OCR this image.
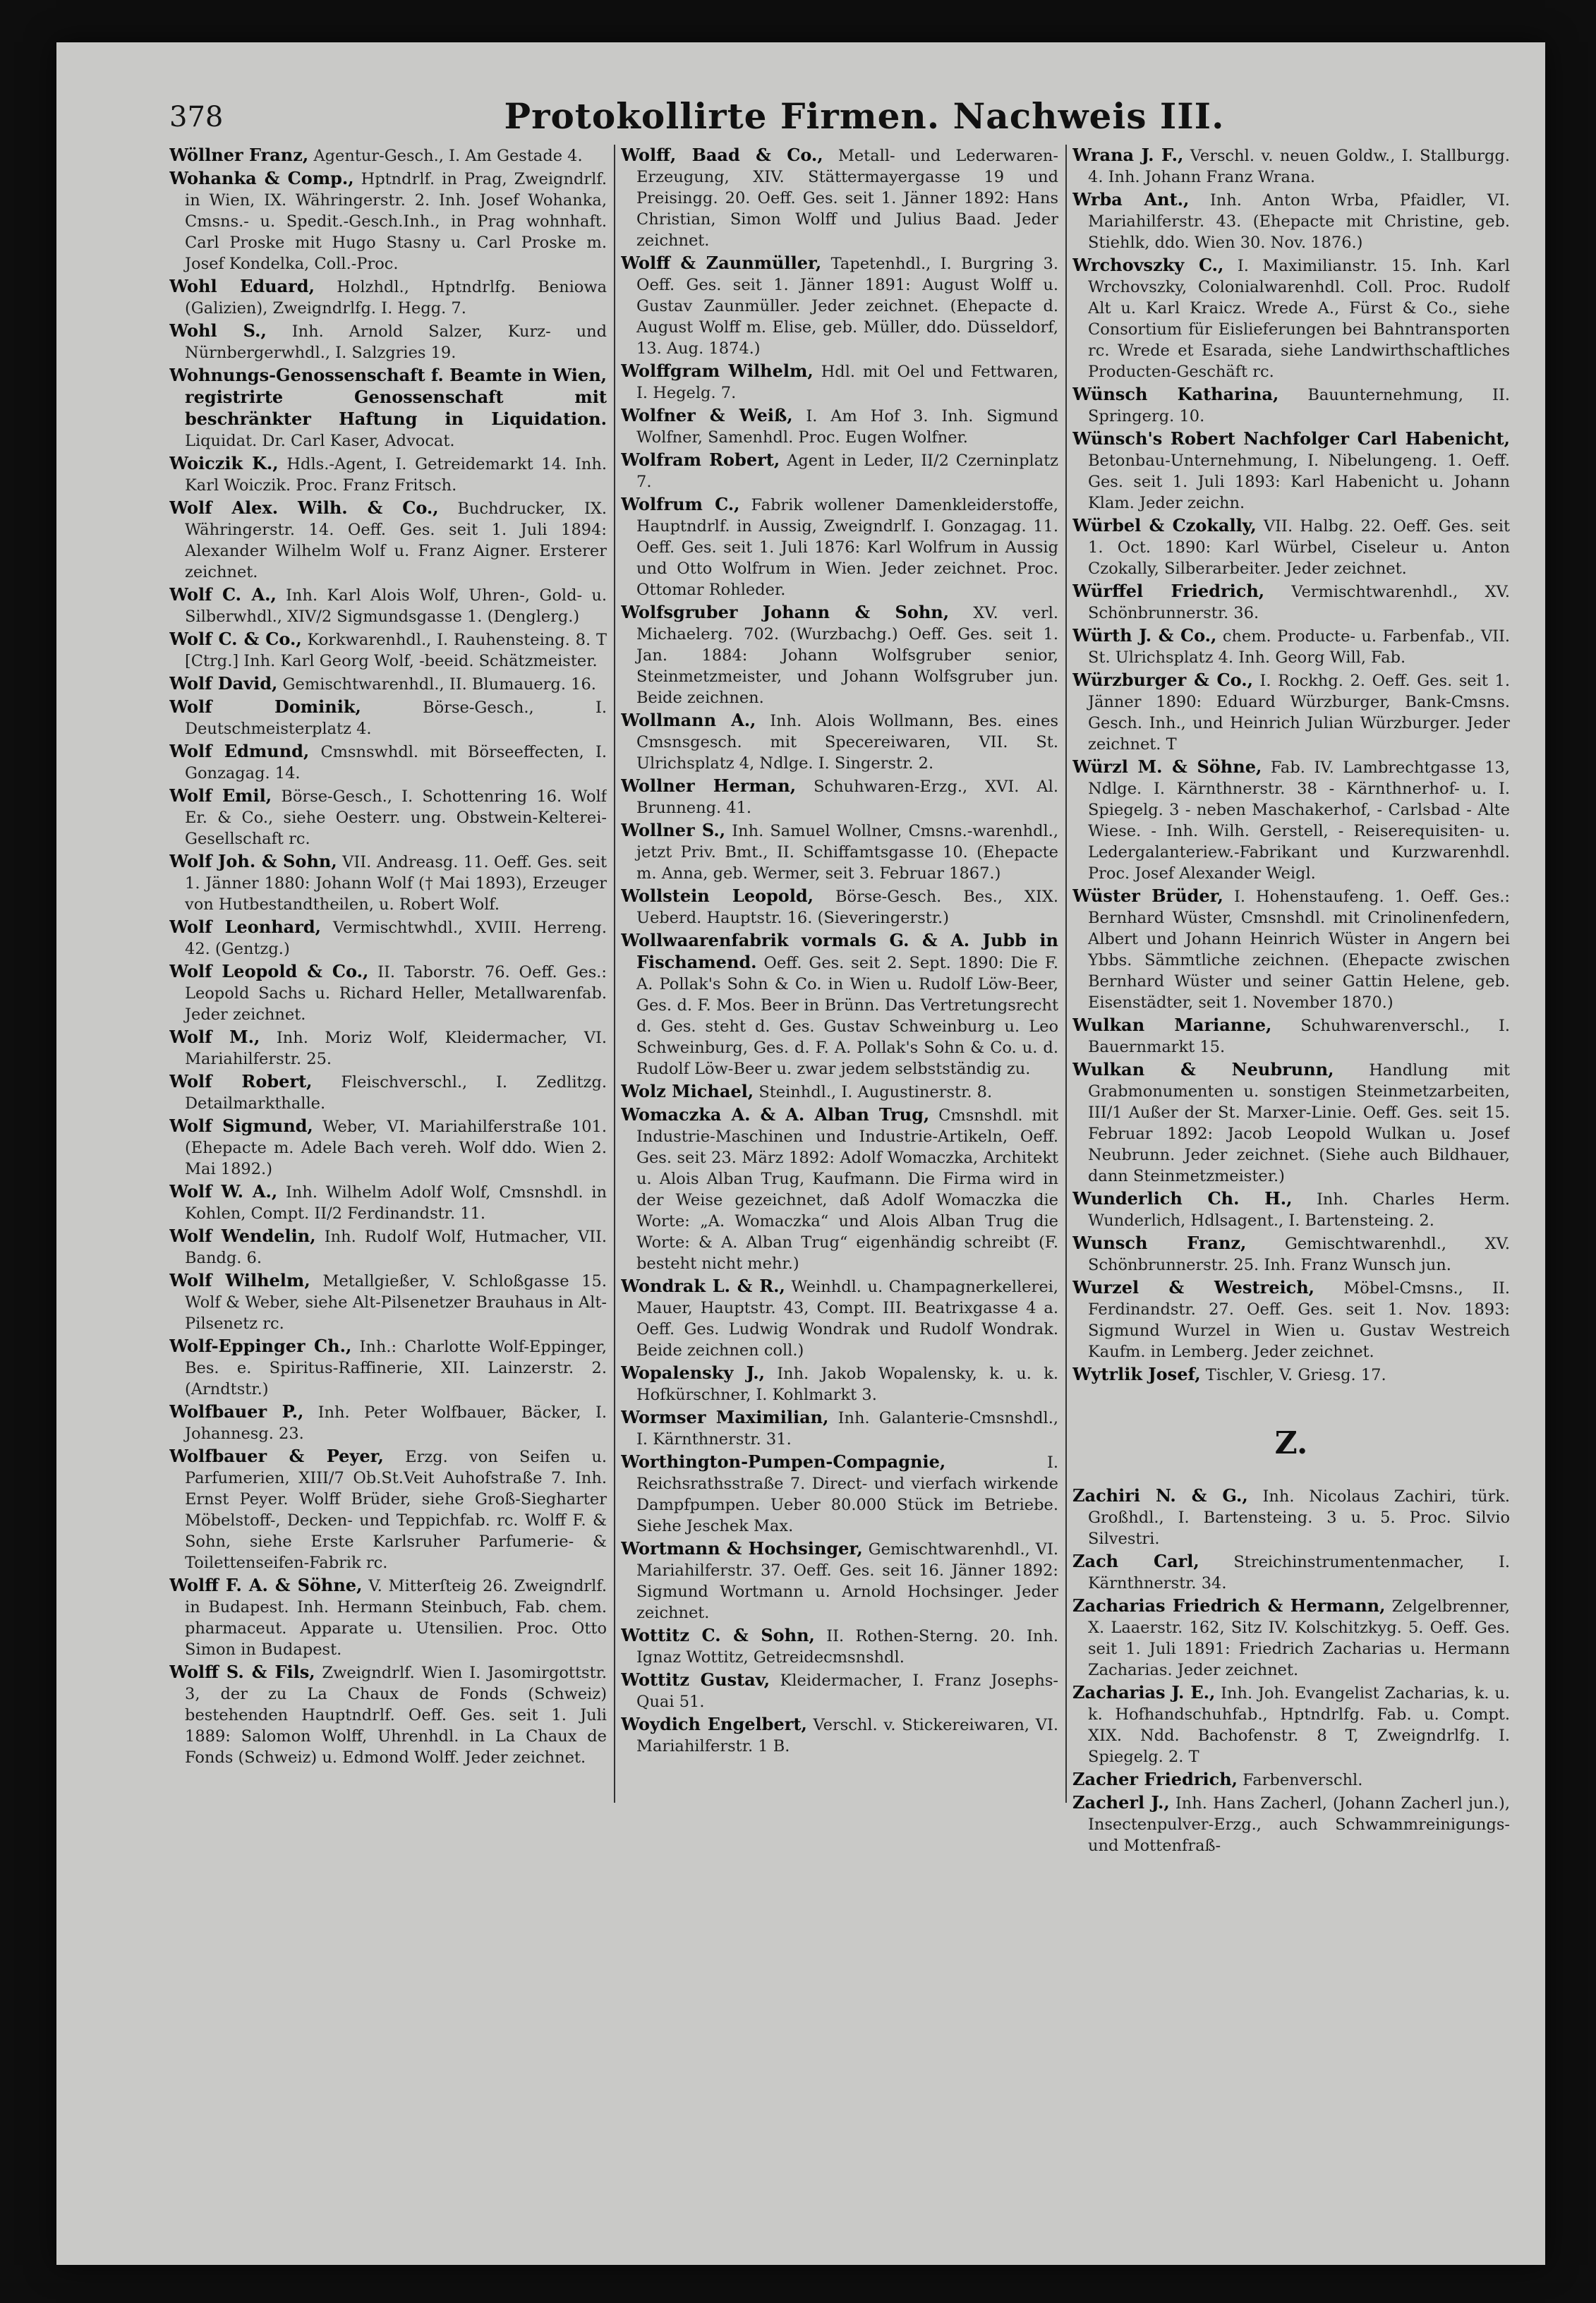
378	Protokollirte Firmen. Nachweis III.

Wöllner Franz, Agentur-Gesch., I. Am Gestade 4.

Wohanka & Comp., Hptndrlf. in Prag, Zweigndrlf. in Wien, IX. Währingerstr. 2. Inh. Josef Wohanka, Cmsns.- u. Spedit.-Gesch.Inh., in Prag wohnhaft. Carl Proske mit Hugo Stasny u. Carl Proske m. Josef Kondelka, Coll.-Proc.

Wohl Eduard, Holzhdl., Hptndrlfg. Beniowa (Galizien), Zweigndrlfg. I. Hegg. 7.

Wohl S., Inh. Arnold Salzer, Kurz- und Nürnbergerwhdl., I. Salzgries 19.

Wohnungs-Genossenschaft f. Beamte in Wien, registrirte Genossenschaft mit beschränkter Haftung in Liquidation. Liquidat. Dr. Carl Kaser, Advocat.

Woiczik K., Hdls.-Agent, I. Getreidemarkt 14. Inh. Karl Woiczik. Proc. Franz Fritsch.

Wolf Alex. Wilh. & Co., Buchdrucker, IX. Währingerstr. 14. Oeff. Ges. seit 1. Juli 1894: Alexander Wilhelm Wolf u. Franz Aigner. Ersterer zeichnet.

Wolf C. A., Inh. Karl Alois Wolf, Uhren-, Gold- u. Silberwhdl., XIV/2 Sigmundsgasse 1. (Denglerg.)

Wolf C. & Co., Korkwarenhdl., I. Rauhensteing. 8. T [Ctrg.] Inh. Karl Georg Wolf, -beeid. Schätzmeister.

Wolf David, Gemischtwarenhdl., II. Blumauerg. 16.

Wolf Dominik,	Börse-Gesch., I. Deutschmeisterplatz 4.

Wolf Edmund, Cmsnswhdl. mit Börseeffecten, I. Gonzagag. 14.

Wolf Emil, Börse-Gesch., I. Schottenring 16. Wolf Er. & Co., siehe Oesterr. ung. Obstwein-Kelterei-Gesellschaft rc.

Wolf Joh. & Sohn, VII. Andreasg. 11. Oeff. Ges. seit 1. Jänner 1880: Johann Wolf († Mai 1893), Erzeuger von Hutbestandtheilen, u. Robert Wolf.

Wolf Leonhard, Vermischtwhdl., XVIII. Herreng. 42. (Gentzg.)

Wolf Leopold & Co., II. Taborstr. 76. Oeff. Ges.: Leopold Sachs u. Richard Heller, Metallwarenfab. Jeder zeichnet.

Wolf M., Inh. Moriz Wolf, Kleidermacher, VI. Mariahilferstr. 25.

Wolf Robert, Fleischverschl., I. Zedlitzg. Detailmarkthalle.

Wolf Sigmund, Weber, VI. Mariahilferstraße 101. (Ehepacte m. Adele Bach vereh. Wolf ddo. Wien 2. Mai 1892.)

Wolf W. A., Inh. Wilhelm Adolf Wolf, Cmsnshdl. in Kohlen, Compt. II/2 Ferdinandstr. 11.

Wolf Wendelin, Inh. Rudolf Wolf, Hutmacher, VII. Bandg. 6.

Wolf Wilhelm, Metallgießer, V. Schloßgasse 15. Wolf & Weber, siehe Alt-Pilsenetzer Brauhaus in Alt-Pilsenetz rc.

Wolf-Eppinger Ch., Inh.: Charlotte Wolf-Eppinger, Bes. e. Spiritus-Raffinerie, XII. Lainzerstr. 2. (Arndtstr.)

Wolfbauer P., Inh. Peter Wolfbauer, Bäcker, I. Johannesg. 23.

Wolfbauer & Peyer, Erzg. von Seifen u. Parfumerien, XIII/7 Ob.St.Veit Auhofstraße 7. Inh. Ernst Peyer. Wolff Brüder, siehe Groß-Siegharter Möbelstoff-, Decken- und Teppichfab. rc. Wolff F. & Sohn, siehe Erste Karlsruher Parfumerie- & Toilettenseifen-Fabrik rc.

Wolff F. A. & Söhne, V. Mitterſteig 26. Zweigndrlf. in Budapest. Inh. Hermann Steinbuch, Fab. chem. pharmaceut. Apparate u. Utensilien. Proc. Otto Simon in Budapest.

Wolff S. & Fils, Zweigndrlf. Wien I. Jasomirgottstr. 3, der zu La Chaux de Fonds (Schweiz) bestehenden Hauptndrlf. Oeff. Ges. seit 1. Juli 1889: Salomon Wolff, Uhrenhdl. in La Chaux de Fonds (Schweiz) u. Edmond Wolff. Jeder zeichnet.

Wolff, Baad & Co., Metall- und Lederwaren-Erzeugung, XIV. Stättermayergasse 19 und Preisingg. 20. Oeff. Ges. seit 1. Jänner 1892: Hans Christian, Simon Wolff und Julius Baad. Jeder zeichnet.

Wolff & Zaunmüller, Tapetenhdl., I. Burgring 3. Oeff. Ges. seit 1. Jänner 1891: August Wolff u. Gustav Zaunmüller. Jeder zeichnet. (Ehepacte d. August Wolff m. Elise, geb. Müller, ddo. Düsseldorf, 13. Aug. 1874.)

Wolffgram Wilhelm, Hdl. mit Oel und Fettwaren, I. Hegelg. 7.

Wolfner & Weiß, I. Am Hof 3. Inh. Sigmund Wolfner, Samenhdl. Proc. Eugen Wolfner.

Wolfram Robert, Agent in Leder, II/2 Czerninplatz 7.

Wolfrum C., Fabrik wollener Damenkleiderstoffe, Hauptndrlf. in Aussig, Zweigndrlf. I. Gonzagag. 11. Oeff. Ges. seit 1. Juli 1876: Karl Wolfrum in Aussig und Otto Wolfrum in Wien. Jeder zeichnet. Proc. Ottomar Rohleder.

Wolfsgruber Johann & Sohn, XV. verl. Michaelerg. 702. (Wurzbachg.) Oeff. Ges. seit 1. Jan. 1884: Johann Wolfsgruber senior, Steinmetzmeister, und Johann Wolfsgruber jun. Beide zeichnen.

Wollmann A., Inh. Alois Wollmann, Bes. eines Cmsnsgesch. mit Specereiwaren, VII. St. Ulrichsplatz 4, Ndlge. I. Singerstr. 2.

Wollner Herman, Schuhwaren-Erzg., XVI. Al. Brunneng. 41.

Wollner S., Inh. Samuel Wollner, Cmsns.-warenhdl., jetzt Priv. Bmt., II. Schiffamtsgasse 10. (Ehepacte m. Anna, geb. Wermer, seit 3. Februar 1867.)

Wollstein Leopold, Börse-Gesch. Bes., XIX. Ueberd. Hauptstr. 16. (Sieveringerstr.)

Wollwaarenfabrik vormals G. & A. Jubb in Fischamend. Oeff. Ges. seit 2. Sept. 1890: Die F. A. Pollak's Sohn & Co. in Wien u. Rudolf Löw-Beer, Ges. d. F. Mos. Beer in Brünn. Das Vertretungsrecht d. Ges. steht d. Ges. Gustav Schweinburg u. Leo Schweinburg, Ges. d. F. A. Pollak's Sohn & Co. u. d. Rudolf Löw-Beer u. zwar jedem selbstständig zu.

Wolz Michael, Steinhdl., I. Augustinerstr. 8.

Womaczka A. & A. Alban Trug, Cmsnshdl. mit Industrie-Maschinen und Industrie-Artikeln, Oeff. Ges. seit 23. März 1892: Adolf Womaczka, Architekt u. Alois Alban Trug, Kaufmann. Die Firma wird in der Weise gezeichnet, daß Adolf Womaczka die Worte: „A. Womaczka“ und Alois Alban Trug die Worte: & A. Alban Trug“ eigenhändig schreibt (F. besteht nicht mehr.)

Wondrak L. & R., Weinhdl. u. Champagnerkellerei, Mauer, Hauptstr. 43, Compt. III. Beatrixgasse 4 a. Oeff. Ges. Ludwig Wondrak und Rudolf Wondrak. Beide zeichnen coll.)

Wopalensky J., Inh. Jakob Wopalensky, k. u. k. Hofkürschner, I. Kohlmarkt 3.

Wormser Maximilian, Inh. Galanterie-Cmsnshdl., I. Kärnthnerstr. 31.

Worthington-Pumpen-Compagnie,	I. Reichsrathsstraße 7. Direct- und vierfach wirkende Dampfpumpen. Ueber 80.000 Stück im Betriebe. Siehe Jeschek Max.

Wortmann & Hochsinger, Gemischtwarenhdl., VI. Mariahilferstr. 37. Oeff. Ges. seit 16. Jänner 1892: Sigmund Wortmann u. Arnold Hochsinger. Jeder zeichnet.

Wottitz C. & Sohn, II. Rothen-Sterng. 20. Inh. Ignaz Wottitz, Getreidecmsnshdl.

Wottitz Gustav, Kleidermacher, I. Franz Josephs-Quai 51.

Woydich Engelbert, Verschl. v. Stickereiwaren, VI. Mariahilferstr. 1 B.

Wrana J. F., Verschl. v. neuen Goldw., I. Stallburgg. 4. Inh. Johann Franz Wrana.

Wrba Ant., Inh. Anton Wrba, Pfaidler, VI. Mariahilferstr. 43. (Ehepacte mit Christine, geb. Stiehlk, ddo. Wien 30. Nov. 1876.)

Wrchovszky C., I. Maximilianstr. 15. Inh. Karl Wrchovszky, Colonialwarenhdl. Coll. Proc. Rudolf Alt u. Karl Kraicz. Wrede A., Fürst & Co., siehe Consortium für Eislieferungen bei Bahntransporten rc. Wrede et Esarada, siehe Landwirthschaftliches Producten-Geschäft rc.

Wünsch Katharina, Bauunternehmung, II. Springerg. 10.

Wünsch's Robert Nachfolger Carl Habenicht, Betonbau-Unternehmung, I. Nibelungeng. 1. Oeff. Ges. seit 1. Juli 1893: Karl Habenicht u. Johann Klam. Jeder zeichn.

Würbel & Czokally, VII. Halbg. 22. Oeff. Ges. seit 1. Oct. 1890: Karl Würbel, Ciseleur u. Anton Czokally, Silberarbeiter. Jeder zeichnet.

Würffel Friedrich, Vermischtwarenhdl., XV. Schönbrunnerstr. 36.

Würth J. & Co., chem. Producte- u. Farbenfab., VII. St. Ulrichsplatz 4. Inh. Georg Will, Fab.

Würzburger & Co., I. Rockhg. 2. Oeff. Ges. seit 1. Jänner 1890: Eduard Würzburger, Bank-Cmsns. Gesch. Inh., und Heinrich Julian Würzburger. Jeder zeichnet. T

Würzl M. & Söhne, Fab. IV. Lambrechtgasse 13, Ndlge. I. Kärnthnerstr. 38 - Kärnthnerhof- u. I. Spiegelg. 3 - neben Maschakerhof, - Carlsbad - Alte Wiese. - Inh. Wilh. Gerstell, - Reiserequisiten- u. Ledergalanteriew.-Fabrikant und Kurzwarenhdl. Proc. Josef Alexander Weigl.

Wüster Brüder, I. Hohenstaufeng. 1. Oeff. Ges.: Bernhard Wüster, Cmsnshdl. mit Crinolinenfedern, Albert und Johann Heinrich Wüster in Angern bei Ybbs. Sämmtliche zeichnen. (Ehepacte zwischen Bernhard Wüster und seiner Gattin Helene, geb. Eisenstädter, seit 1. November 1870.)

Wulkan Marianne, Schuhwarenverschl., I. Bauernmarkt 15.

Wulkan & Neubrunn, Handlung mit Grabmonumenten u. sonstigen Steinmetzarbeiten, III/1 Außer der St. Marxer-Linie. Oeff. Ges. seit 15. Februar 1892: Jacob Leopold Wulkan u. Josef Neubrunn. Jeder zeichnet. (Siehe auch Bildhauer, dann Steinmetzmeister.)

Wunderlich Ch. H., Inh. Charles Herm. Wunderlich, Hdlsagent., I. Bartensteing. 2.

Wunsch Franz, Gemischtwarenhdl., XV. Schönbrunnerstr. 25. Inh. Franz Wunsch jun.

Wurzel & Westreich, Möbel-Cmsns., II. Ferdinandstr. 27. Oeff. Ges. seit 1. Nov. 1893: Sigmund Wurzel in Wien u. Gustav Westreich Kaufm. in Lemberg. Jeder zeichnet.

Wytrlik Josef, Tischler, V. Griesg. 17.

Z.

Zachiri N. & G., Inh. Nicolaus Zachiri, türk. Großhdl., I. Bartensteing. 3 u. 5. Proc. Silvio Silvestri.

Zach Carl, Streichinstrumentenmacher, I. Kärnthnerstr. 34.

Zacharias Friedrich & Hermann, Zelgelbrenner, X. Laaerstr. 162, Sitz IV. Kolschitzkyg. 5. Oeff. Ges. seit 1. Juli 1891: Friedrich Zacharias u. Hermann Zacharias. Jeder zeichnet.

Zacharias J. E., Inh. Joh. Evangelist Zacharias, k. u. k. Hofhandschuhfab., Hptndrlfg. Fab. u. Compt. XIX. Ndd. Bachofenstr. 8 T, Zweigndrlfg. I. Spiegelg. 2. T

Zacher Friedrich, Farbenverschl.

Zacherl J., Inh. Hans Zacherl, (Johann Zacherl jun.), Insectenpulver-Erzg., auch Schwammreinigungs- und Mottenfraß-
